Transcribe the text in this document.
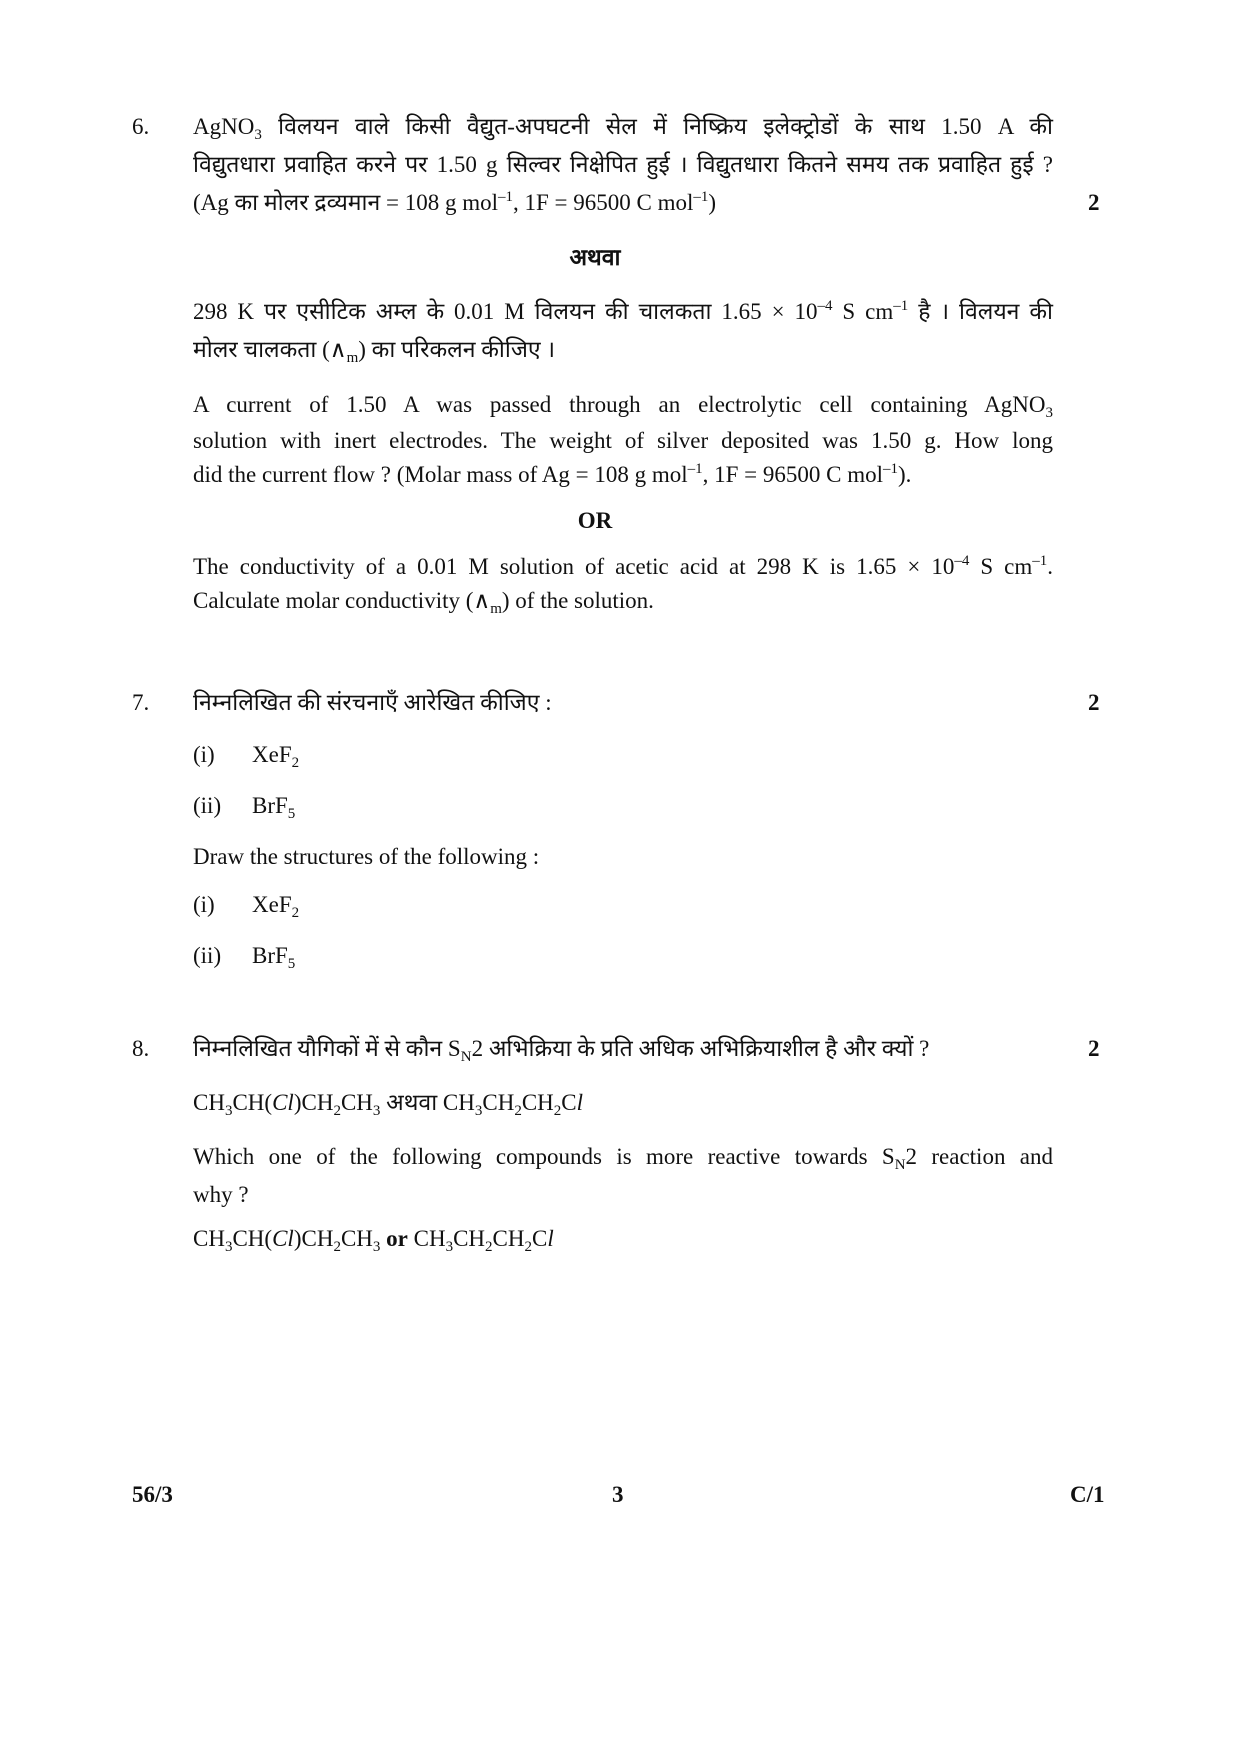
6. AgNO$_3$ विलयन वाले किसी वैद्युत-अपघटनी सेल में निष्क्रिय इलेक्ट्रोडों के साथ 1.50 A की
विद्युतधारा प्रवाहित करने पर 1.50 g सिल्वर निक्षेपित हुई । विद्युतधारा कितने समय तक प्रवाहित हुई ?
(Ag का मोलर द्रव्यमान = 108 g mol$^{-1}$, 1F = 96500 C mol$^{-1}$)	2
अथवा
298 K पर एसीटिक अम्ल के 0.01 M विलयन की चालकता $1.65 \times 10^{-4}$ S $cm^{-1}$ है । विलयन की
मोलर चालकता $(\wedge_m)$ का परिकलन कीजिए ।
A current of 1.50 A was passed through an electrolytic cell containing AgNO$_3$
solution with inert electrodes. The weight of silver deposited was 1.50 g. How long
did the current flow ? (Molar mass of Ag = 108 g mol$^{-1}$, 1F = 96500 C mol$^{-1}$).
OR
The conductivity of a 0.01 M solution of acetic acid at 298 K is $1.65 \times 10^{-4}$ S $cm^{-1}$.
Calculate molar conductivity $(\wedge_m)$ of the solution.
7. निम्नलिखित की संरचनाएँ आरेखित कीजिए :	2
(i) XeF$_2$
(ii) BrF$_5$
Draw the structures of the following :
(i) XeF$_2$
(ii) BrF$_5$
8. निम्नलिखित यौगिकों में से कौन $S_N2$ अभिक्रिया के प्रति अधिक अभिक्रियाशील है और क्यों ?	2
$CH_3CH(Cl)CH_2CH_3$ अथवा $CH_3CH_2CH_2Cl$
Which one of the following compounds is more reactive towards $S_N2$ reaction and
why ?
$CH_3CH(Cl)CH_2CH_3$ or $CH_3CH_2CH_2Cl$
56/3	3	C/1
